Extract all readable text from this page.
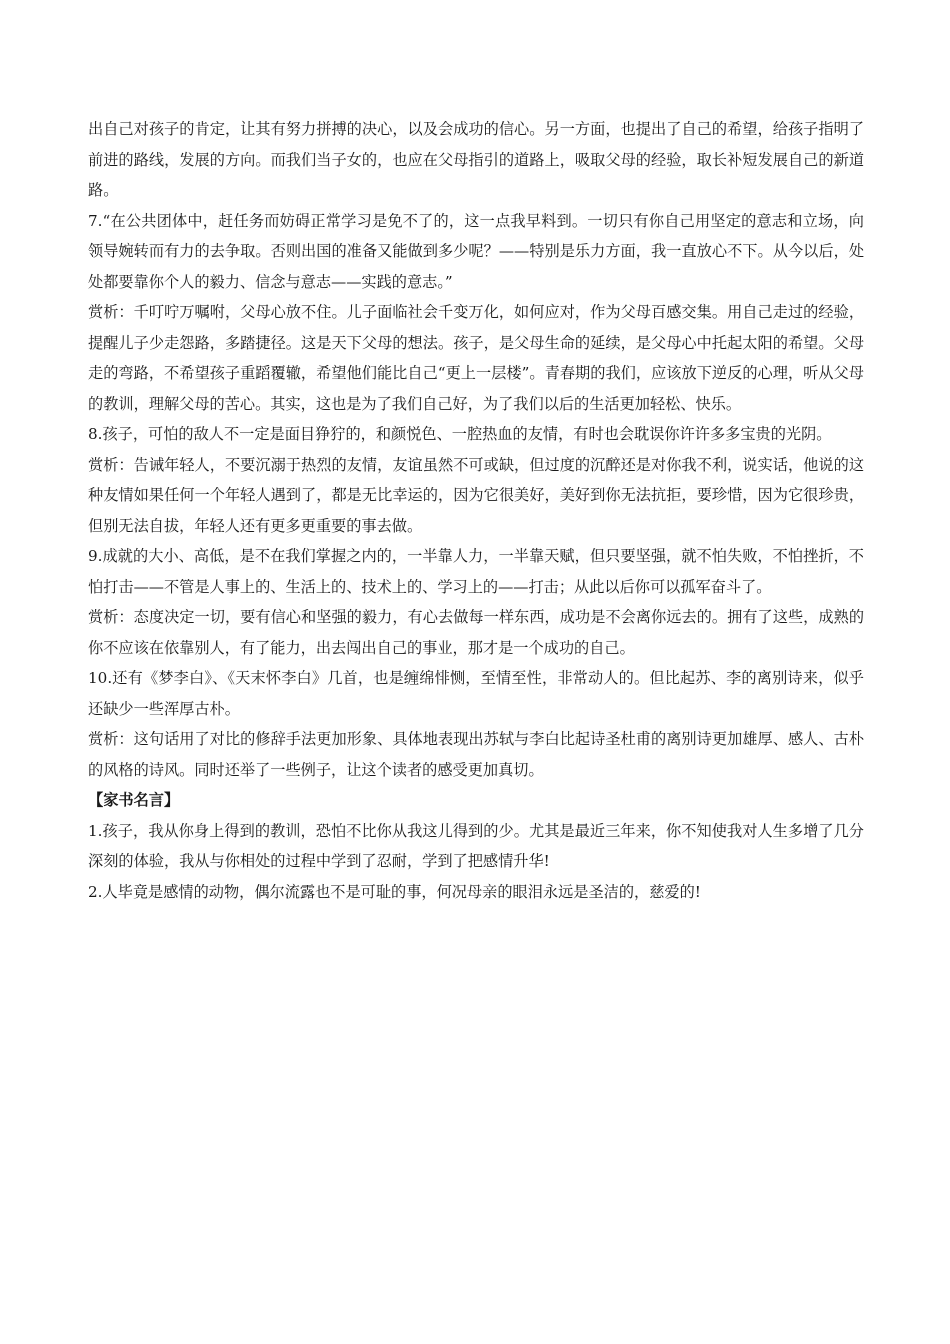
出自己对孩子的肯定，让其有努力拼搏的决心，以及会成功的信心。另一方面，也提出了自己的希望，给孩子指明了前进的路线，发展的方向。而我们当子女的，也应在父母指引的道路上，吸取父母的经验，取长补短发展自己的新道路。

7.“在公共团体中，赶任务而妨碍正常学习是免不了的，这一点我早料到。一切只有你自己用坚定的意志和立场，向领导婉转而有力的去争取。否则出国的准备又能做到多少呢？——特别是乐力方面，我一直放心不下。从今以后，处处都要靠你个人的毅力、信念与意志——实践的意志。”

赏析：千叮咛万嘱咐，父母心放不住。儿子面临社会千变万化，如何应对，作为父母百感交集。用自己走过的经验，提醒儿子少走怨路，多踏捷径。这是天下父母的想法。孩子，是父母生命的延续，是父母心中托起太阳的希望。父母走的弯路，不希望孩子重蹈覆辙，希望他们能比自己“更上一层楼”。青春期的我们，应该放下逆反的心理，听从父母的教训，理解父母的苦心。其实，这也是为了我们自己好，为了我们以后的生活更加轻松、快乐。

8.孩子，可怕的敌人不一定是面目狰狞的，和颜悦色、一腔热血的友情，有时也会耽误你许许多多宝贵的光阴。

赏析：告诫年轻人，不要沉溺于热烈的友情，友谊虽然不可或缺，但过度的沉醉还是对你我不利，说实话，他说的这种友情如果任何一个年轻人遇到了，都是无比幸运的，因为它很美好，美好到你无法抗拒，要珍惜，因为它很珍贵，但别无法自拔，年轻人还有更多更重要的事去做。

9.成就的大小、高低，是不在我们掌握之内的，一半靠人力，一半靠天赋，但只要坚强，就不怕失败，不怕挫折，不怕打击——不管是人事上的、生活上的、技术上的、学习上的——打击；从此以后你可以孤军奋斗了。

赏析：态度决定一切，要有信心和坚强的毅力，有心去做每一样东西，成功是不会离你远去的。拥有了这些，成熟的你不应该在依靠别人，有了能力，出去闯出自己的事业，那才是一个成功的自己。

10.还有《梦李白》、《天末怀李白》几首，也是缠绵悱恻，至情至性，非常动人的。但比起苏、李的离别诗来，似乎还缺少一些浑厚古朴。

赏析：这句话用了对比的修辞手法更加形象、具体地表现出苏轼与李白比起诗圣杜甫的离别诗更加雄厚、感人、古朴的风格的诗风。同时还举了一些例子，让这个读者的感受更加真切。

【家书名言】

1.孩子，我从你身上得到的教训，恐怕不比你从我这儿得到的少。尤其是最近三年来，你不知使我对人生多增了几分深刻的体验，我从与你相处的过程中学到了忍耐，学到了把感情升华!

2.人毕竟是感情的动物，偶尔流露也不是可耻的事，何况母亲的眼泪永远是圣洁的，慈爱的!
